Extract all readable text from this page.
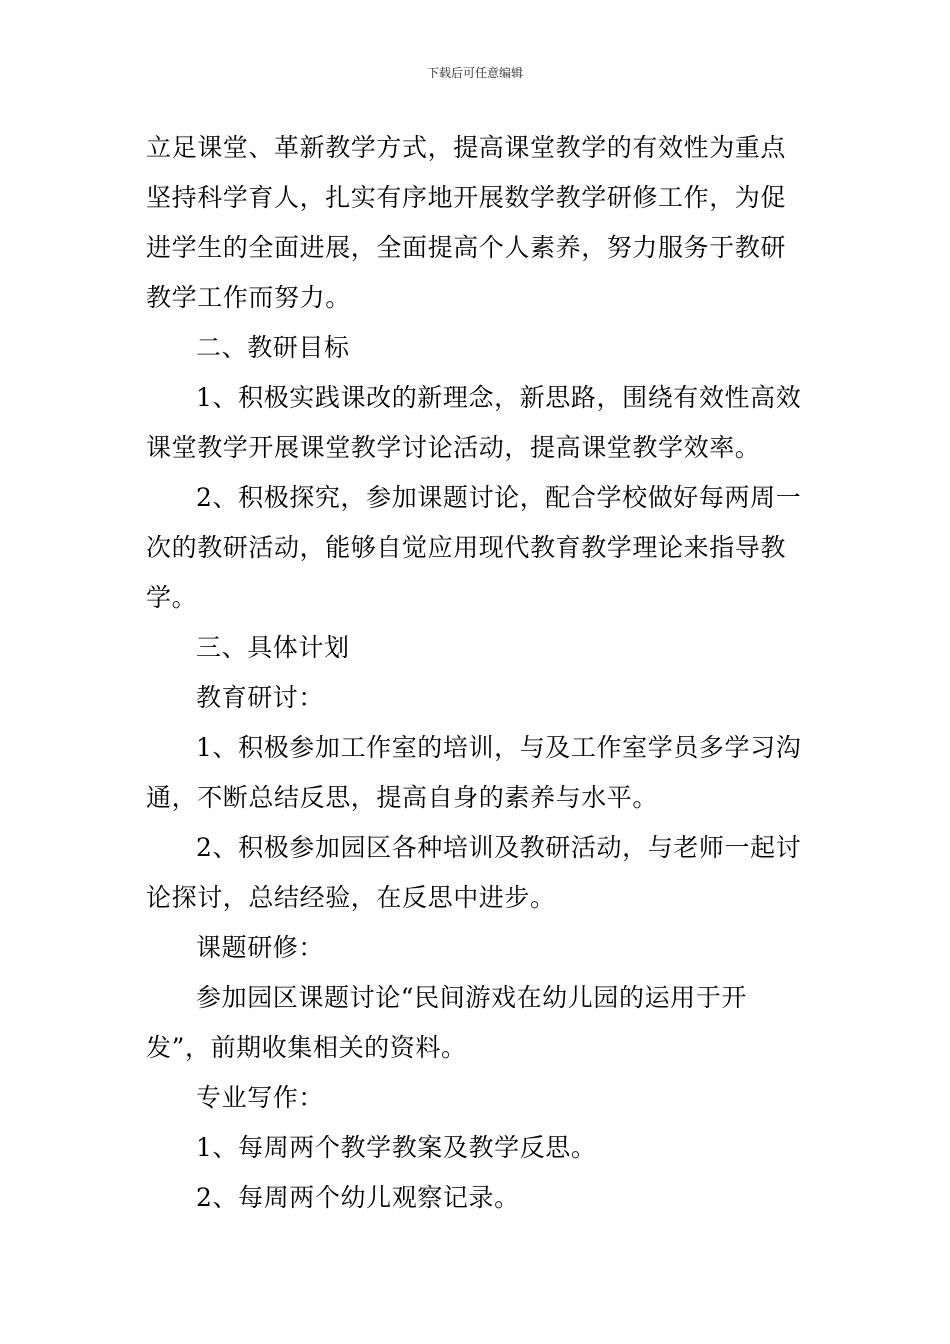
下载后可任意编辑

立足课堂、革新教学方式，提高课堂教学的有效性为重点
坚持科学育人，扎实有序地开展数学教学研修工作，为促
进学生的全面进展，全面提高个人素养，努力服务于教研
教学工作而努力。

二、教研目标

1、积极实践课改的新理念，新思路，围绕有效性高效
课堂教学开展课堂教学讨论活动，提高课堂教学效率。

2、积极探究，参加课题讨论，配合学校做好每两周一
次的教研活动，能够自觉应用现代教育教学理论来指导教
学。

三、具体计划

教育研讨：

1、积极参加工作室的培训，与及工作室学员多学习沟
通，不断总结反思，提高自身的素养与水平。

2、积极参加园区各种培训及教研活动，与老师一起讨
论探讨，总结经验，在反思中进步。

课题研修：

参加园区课题讨论“民间游戏在幼儿园的运用于开
发”，前期收集相关的资料。

专业写作：

1、每周两个教学教案及教学反思。

2、每周两个幼儿观察记录。
